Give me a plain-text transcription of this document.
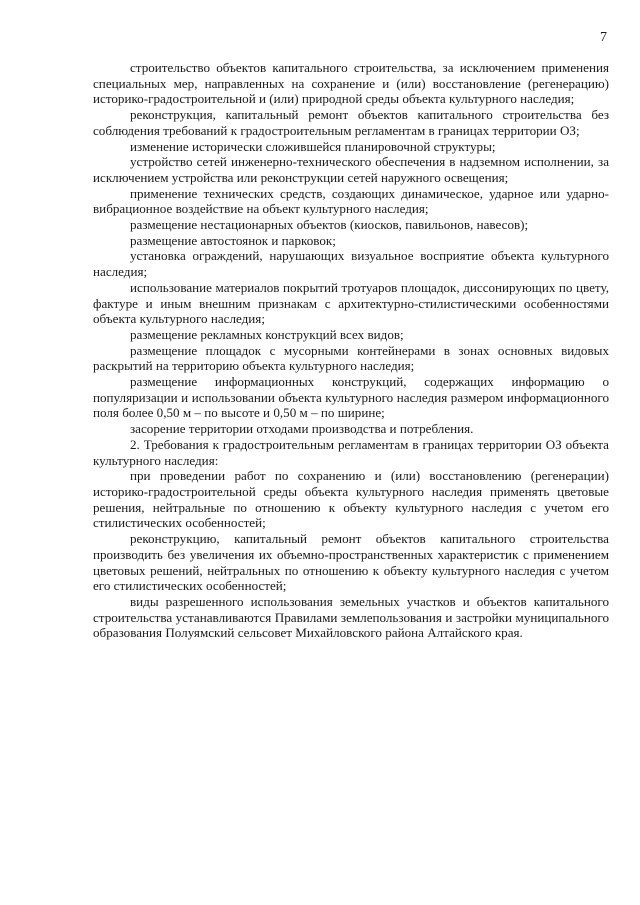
7

строительство объектов капитального строительства, за исключением применения специальных мер, направленных на сохранение и (или) восстановление (регенерацию) историко-градостроительной и (или) природной среды объекта культурного наследия;

реконструкция, капитальный ремонт объектов капитального строительства без соблюдения требований к градостроительным регламентам в границах территории ОЗ;

изменение исторически сложившейся планировочной структуры;

устройство сетей инженерно-технического обеспечения в надземном исполнении, за исключением устройства или реконструкции сетей наружного освещения;

применение технических средств, создающих динамическое, ударное или ударно-вибрационное воздействие на объект культурного наследия;

размещение нестационарных объектов (киосков, павильонов, навесов);

размещение автостоянок и парковок;

установка ограждений, нарушающих визуальное восприятие объекта культурного наследия;

использование материалов покрытий тротуаров площадок, диссонирующих по цвету, фактуре и иным внешним признакам с архитектурно-стилистическими особенностями объекта культурного наследия;

размещение рекламных конструкций всех видов;

размещение площадок с мусорными контейнерами в зонах основных видовых раскрытий на территорию объекта культурного наследия;

размещение информационных конструкций, содержащих информацию о популяризации и использовании объекта культурного наследия размером информационного поля более 0,50 м – по высоте и 0,50 м – по ширине;

засорение территории отходами производства и потребления.

2. Требования к градостроительным регламентам в границах территории ОЗ объекта культурного наследия:

при проведении работ по сохранению и (или) восстановлению (регенерации) историко-градостроительной среды объекта культурного наследия применять цветовые решения, нейтральные по отношению к объекту культурного наследия с учетом его стилистических особенностей;

реконструкцию, капитальный ремонт объектов капитального строительства производить без увеличения их объемно-пространственных характеристик с применением цветовых решений, нейтральных по отношению к объекту культурного наследия с учетом его стилистических особенностей;

виды разрешенного использования земельных участков и объектов капитального строительства устанавливаются Правилами землепользования и застройки муниципального образования Полуямский сельсовет Михайловского района Алтайского края.
